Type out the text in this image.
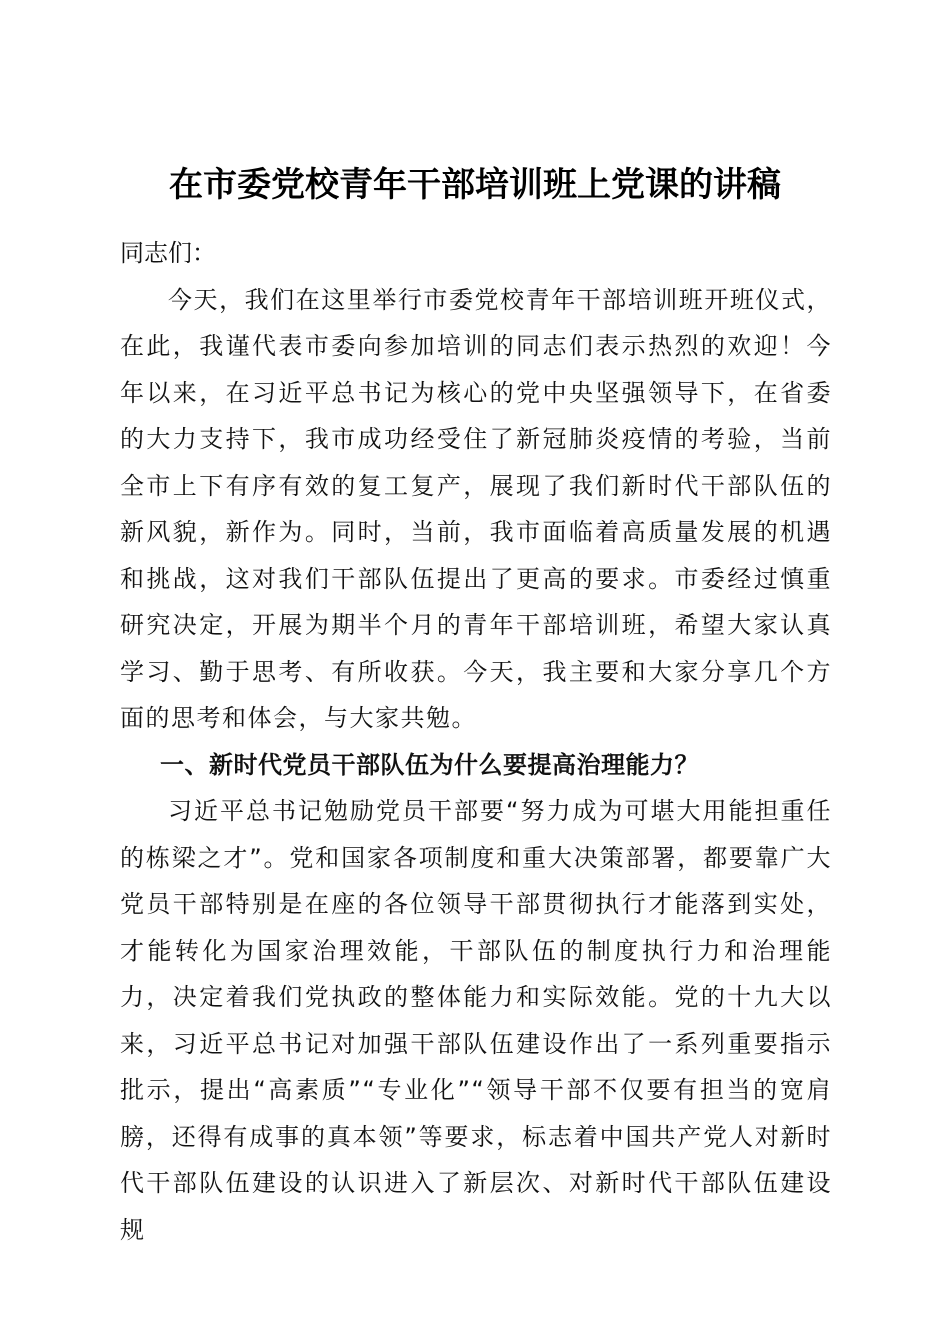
在市委党校青年干部培训班上党课的讲稿

同志们：

今天，我们在这里举行市委党校青年干部培训班开班仪式，在此，我谨代表市委向参加培训的同志们表示热烈的欢迎！今年以来，在习近平总书记为核心的党中央坚强领导下，在省委的大力支持下，我市成功经受住了新冠肺炎疫情的考验，当前全市上下有序有效的复工复产，展现了我们新时代干部队伍的新风貌，新作为。同时，当前，我市面临着高质量发展的机遇和挑战，这对我们干部队伍提出了更高的要求。市委经过慎重研究决定，开展为期半个月的青年干部培训班，希望大家认真学习、勤于思考、有所收获。今天，我主要和大家分享几个方面的思考和体会，与大家共勉。

一、新时代党员干部队伍为什么要提高治理能力？

习近平总书记勉励党员干部要“努力成为可堪大用能担重任的栋梁之才”。党和国家各项制度和重大决策部署，都要靠广大党员干部特别是在座的各位领导干部贯彻执行才能落到实处，才能转化为国家治理效能，干部队伍的制度执行力和治理能力，决定着我们党执政的整体能力和实际效能。党的十九大以来，习近平总书记对加强干部队伍建设作出了一系列重要指示批示，提出“高素质”“专业化”“领导干部不仅要有担当的宽肩膀，还得有成事的真本领”等要求，标志着中国共产党人对新时代干部队伍建设的认识进入了新层次、对新时代干部队伍建设规
